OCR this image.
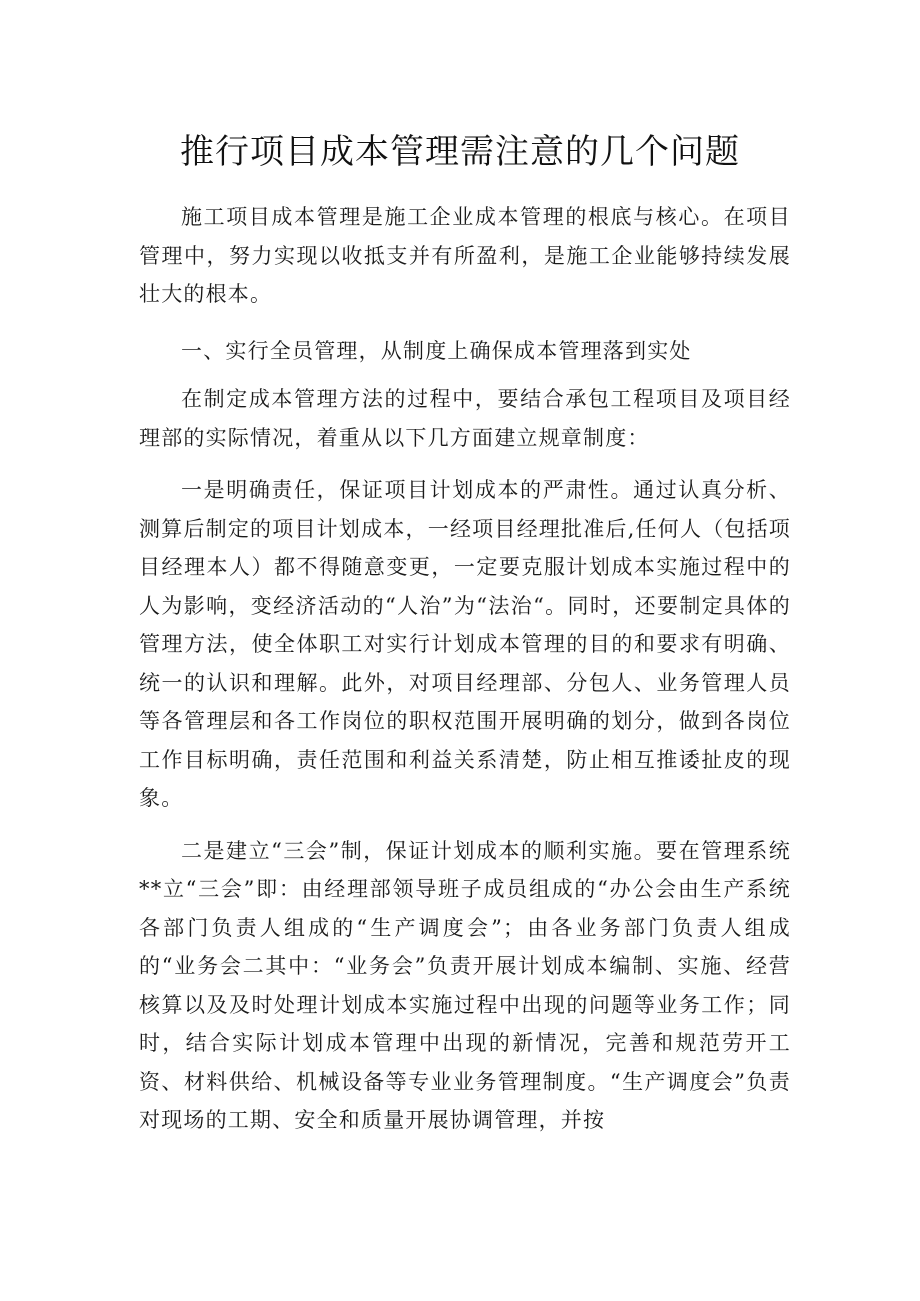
推行项目成本管理需注意的几个问题

施工项目成本管理是施工企业成本管理的根底与核心。在项目管理中，努力实现以收抵支并有所盈利，是施工企业能够持续发展壮大的根本。

一、实行全员管理，从制度上确保成本管理落到实处

在制定成本管理方法的过程中，要结合承包工程项目及项目经理部的实际情况，着重从以下几方面建立规章制度：

一是明确责任，保证项目计划成本的严肃性。通过认真分析、测算后制定的项目计划成本，一经项目经理批准后,任何人（包括项目经理本人）都不得随意变更，一定要克服计划成本实施过程中的人为影响，变经济活动的“人治”为“法治“。同时，还要制定具体的管理方法，使全体职工对实行计划成本管理的目的和要求有明确、统一的认识和理解。此外，对项目经理部、分包人、业务管理人员等各管理层和各工作岗位的职权范围开展明确的划分，做到各岗位工作目标明确，责任范围和利益关系清楚，防止相互推诿扯皮的现象。

二是建立“三会”制，保证计划成本的顺利实施。要在管理系统**立“三会”即：由经理部领导班子成员组成的“办公会由生产系统各部门负责人组成的“生产调度会”；由各业务部门负责人组成的“业务会二其中：“业务会”负责开展计划成本编制、实施、经营核算以及及时处理计划成本实施过程中出现的问题等业务工作；同时，结合实际计划成本管理中出现的新情况，完善和规范劳开工资、材料供给、机械设备等专业业务管理制度。“生产调度会”负责对现场的工期、安全和质量开展协调管理，并按
